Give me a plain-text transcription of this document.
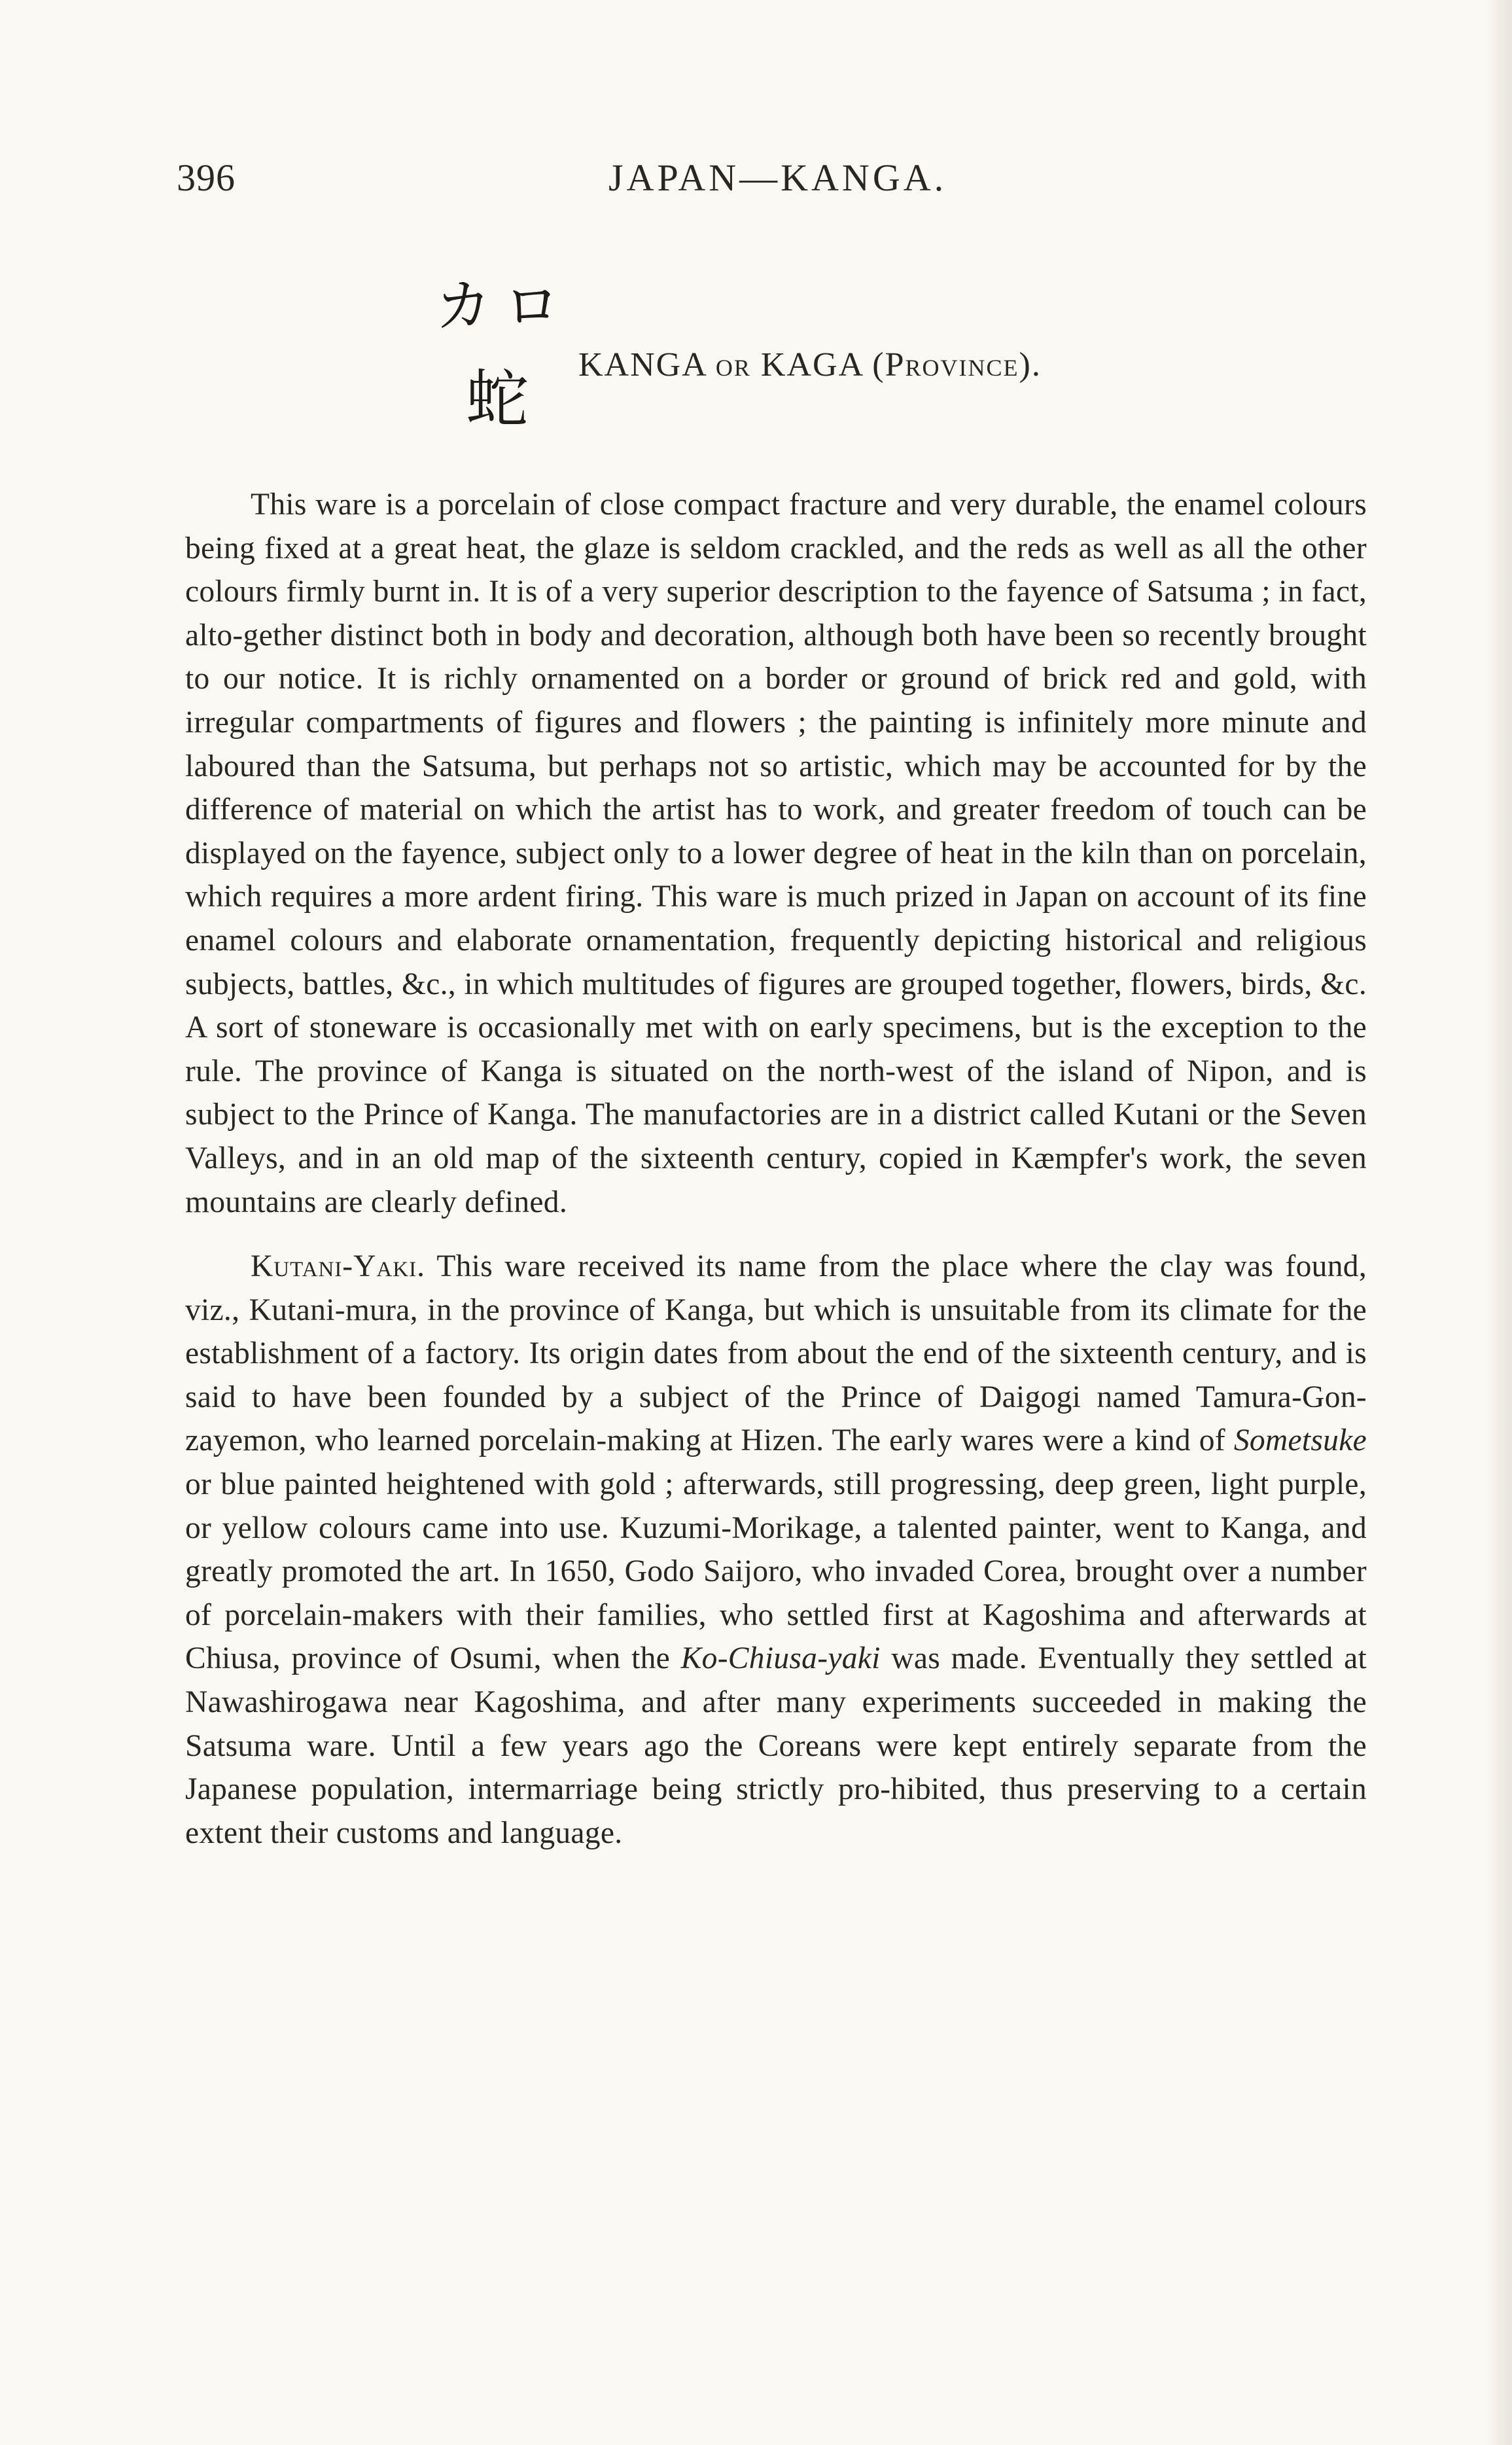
396	JAPAN—KANGA.
カ ロ
蛇 KANGA or KAGA (Province).

This ware is a porcelain of close compact fracture and very durable, the enamel colours being fixed at a great heat, the glaze is seldom crackled, and the reds as well as all the other colours firmly burnt in. It is of a very superior description to the fayence of Satsuma ; in fact, alto-gether distinct both in body and decoration, although both have been so recently brought to our notice. It is richly ornamented on a border or ground of brick red and gold, with irregular compartments of figures and flowers ; the painting is infinitely more minute and laboured than the Satsuma, but perhaps not so artistic, which may be accounted for by the difference of material on which the artist has to work, and greater freedom of touch can be displayed on the fayence, subject only to a lower degree of heat in the kiln than on porcelain, which requires a more ardent firing. This ware is much prized in Japan on account of its fine enamel colours and elaborate ornamentation, frequently depicting historical and religious subjects, battles, &c., in which multitudes of figures are grouped together, flowers, birds, &c. A sort of stoneware is occasionally met with on early specimens, but is the exception to the rule. The province of Kanga is situated on the north-west of the island of Nipon, and is subject to the Prince of Kanga. The manufactories are in a district called Kutani or the Seven Valleys, and in an old map of the sixteenth century, copied in Kæmpfer's work, the seven mountains are clearly defined.

Kutani-Yaki. This ware received its name from the place where the clay was found, viz., Kutani-mura, in the province of Kanga, but which is unsuitable from its climate for the establishment of a factory. Its origin dates from about the end of the sixteenth century, and is said to have been founded by a subject of the Prince of Daigogi named Tamura-Gon-zayemon, who learned porcelain-making at Hizen. The early wares were a kind of Sometsuke or blue painted heightened with gold ; afterwards, still progressing, deep green, light purple, or yellow colours came into use. Kuzumi-Morikage, a talented painter, went to Kanga, and greatly promoted the art. In 1650, Godo Saijoro, who invaded Corea, brought over a number of porcelain-makers with their families, who settled first at Kagoshima and afterwards at Chiusa, province of Osumi, when the Ko-Chiusa-yaki was made. Eventually they settled at Nawashirogawa near Kagoshima, and after many experiments succeeded in making the Satsuma ware. Until a few years ago the Coreans were kept entirely separate from the Japanese population, intermarriage being strictly pro-hibited, thus preserving to a certain extent their customs and language.
